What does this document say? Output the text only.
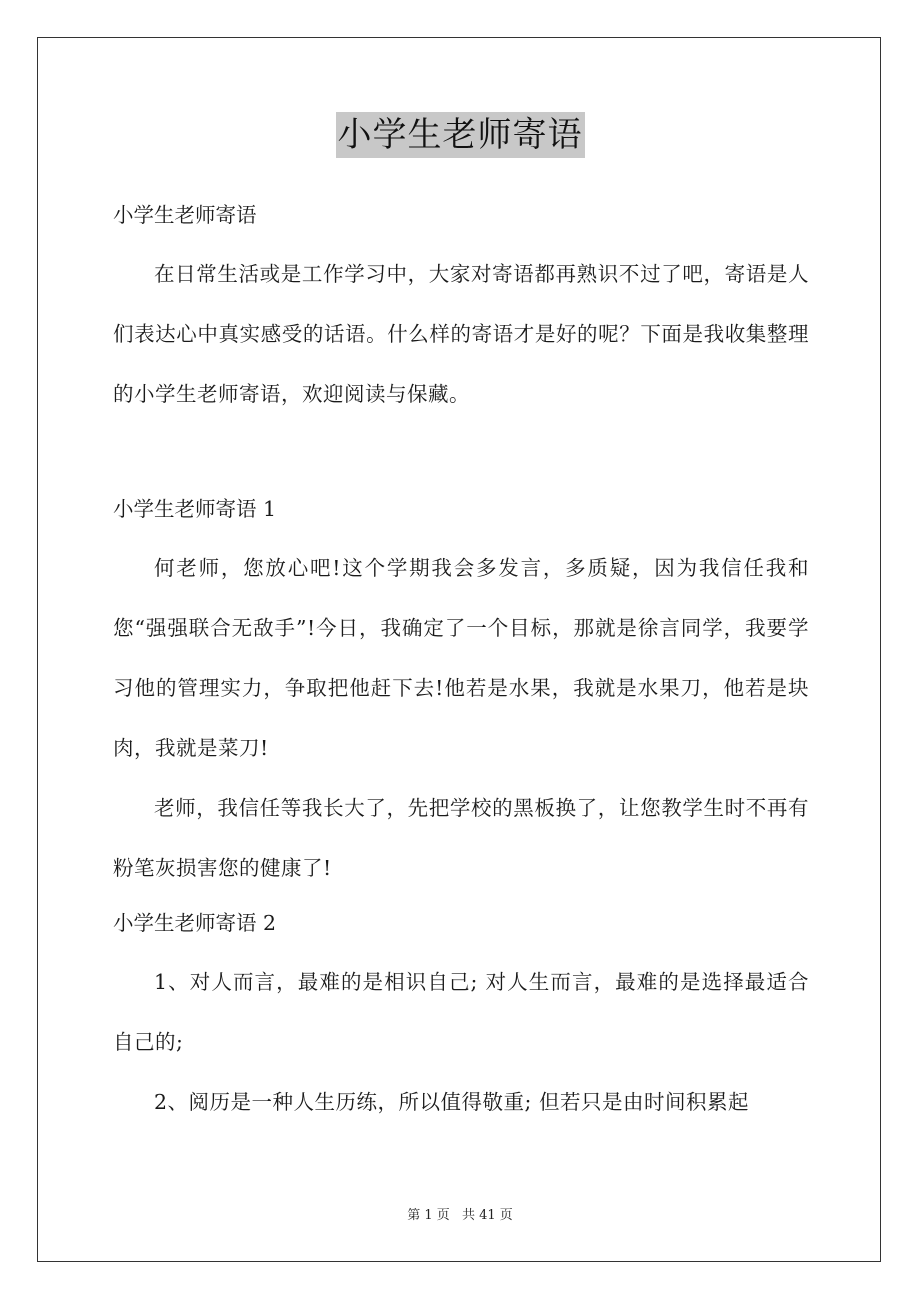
小学生老师寄语

小学生老师寄语

在日常生活或是工作学习中，大家对寄语都再熟识不过了吧，寄语是人们表达心中真实感受的话语。什么样的寄语才是好的呢？下面是我收集整理的小学生老师寄语，欢迎阅读与保藏。

小学生老师寄语 1

何老师，您放心吧!这个学期我会多发言，多质疑，因为我信任我和您“强强联合无敌手”!今日，我确定了一个目标，那就是徐言同学，我要学习他的管理实力，争取把他赶下去!他若是水果，我就是水果刀，他若是块肉，我就是菜刀!

老师，我信任等我长大了，先把学校的黑板换了，让您教学生时不再有粉笔灰损害您的健康了!

小学生老师寄语 2

1、对人而言，最难的是相识自己; 对人生而言，最难的是选择最适合自己的;

2、阅历是一种人生历练，所以值得敬重; 但若只是由时间积累起

第 1 页 共 41 页
